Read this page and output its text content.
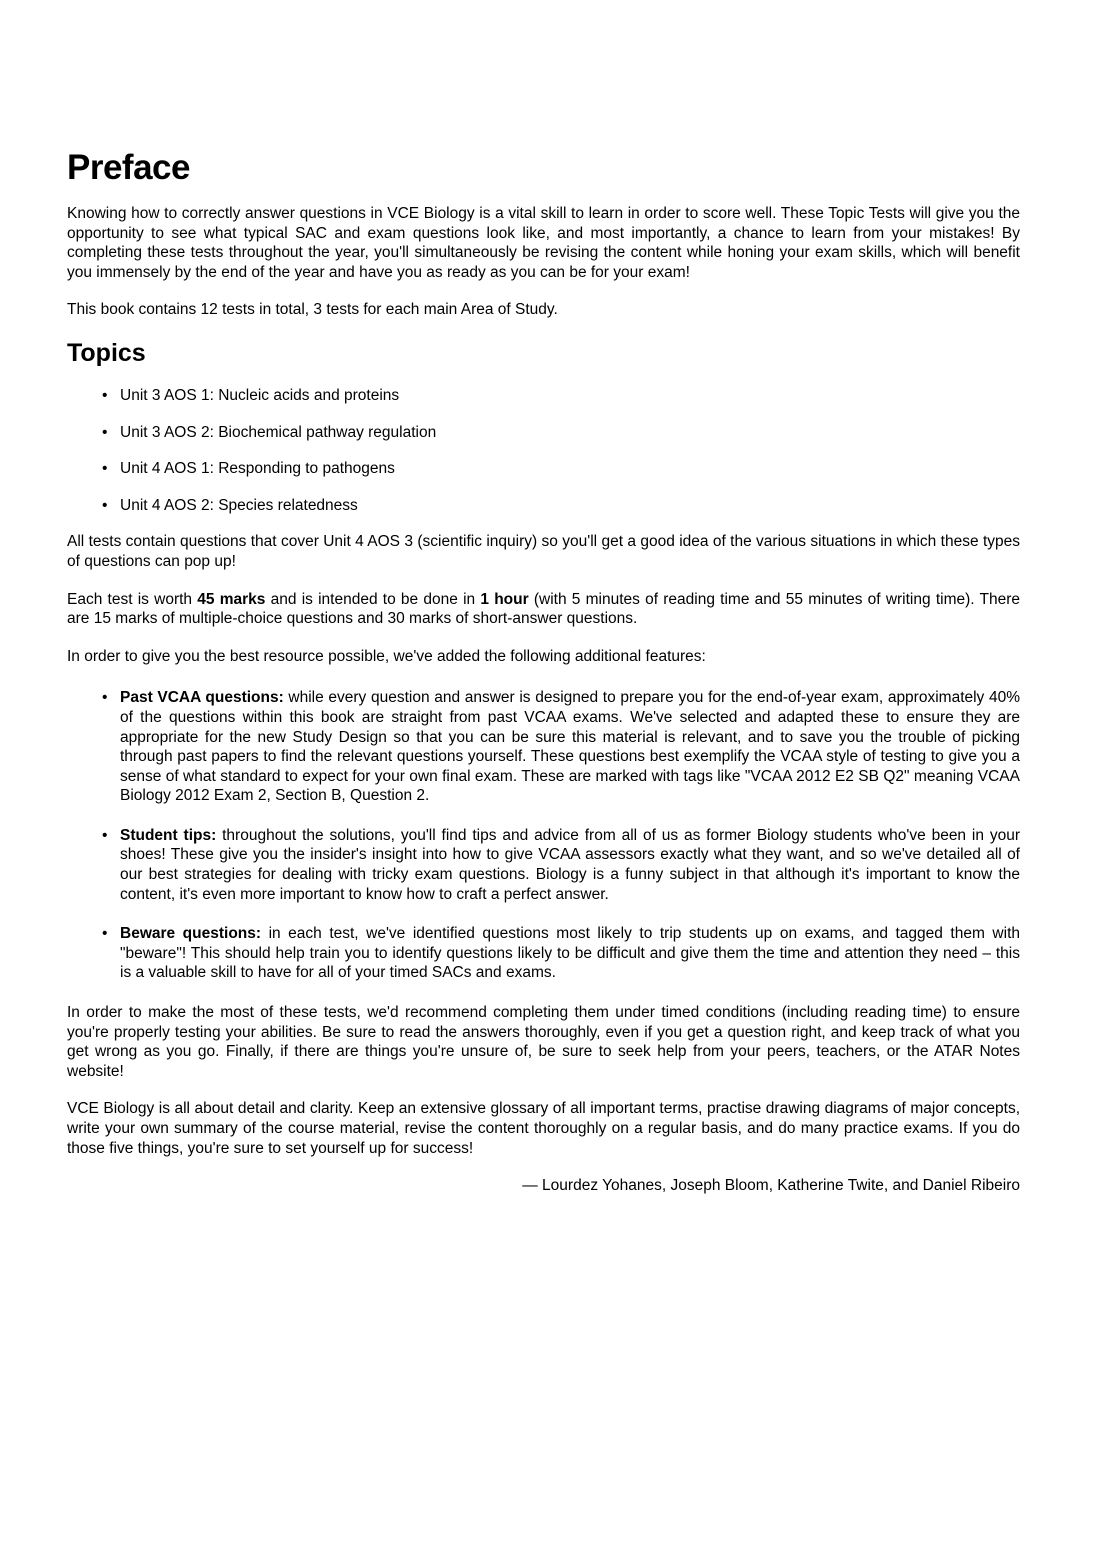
Preface

Knowing how to correctly answer questions in VCE Biology is a vital skill to learn in order to score well. These Topic Tests will give you the opportunity to see what typical SAC and exam questions look like, and most importantly, a chance to learn from your mistakes! By completing these tests throughout the year, you'll simultaneously be revising the content while honing your exam skills, which will benefit you immensely by the end of the year and have you as ready as you can be for your exam!

This book contains 12 tests in total, 3 tests for each main Area of Study.

Topics
• Unit 3 AOS 1: Nucleic acids and proteins
• Unit 3 AOS 2: Biochemical pathway regulation
• Unit 4 AOS 1: Responding to pathogens
• Unit 4 AOS 2: Species relatedness

All tests contain questions that cover Unit 4 AOS 3 (scientific inquiry) so you'll get a good idea of the various situations in which these types of questions can pop up!

Each test is worth 45 marks and is intended to be done in 1 hour (with 5 minutes of reading time and 55 minutes of writing time). There are 15 marks of multiple-choice questions and 30 marks of short-answer questions.

In order to give you the best resource possible, we've added the following additional features:

• Past VCAA questions: while every question and answer is designed to prepare you for the end-of-year exam, approximately 40% of the questions within this book are straight from past VCAA exams. We've selected and adapted these to ensure they are appropriate for the new Study Design so that you can be sure this material is relevant, and to save you the trouble of picking through past papers to find the relevant questions yourself. These questions best exemplify the VCAA style of testing to give you a sense of what standard to expect for your own final exam. These are marked with tags like "VCAA 2012 E2 SB Q2" meaning VCAA Biology 2012 Exam 2, Section B, Question 2.
• Student tips: throughout the solutions, you'll find tips and advice from all of us as former Biology students who've been in your shoes! These give you the insider's insight into how to give VCAA assessors exactly what they want, and so we've detailed all of our best strategies for dealing with tricky exam questions. Biology is a funny subject in that although it's important to know the content, it's even more important to know how to craft a perfect answer.
• Beware questions: in each test, we've identified questions most likely to trip students up on exams, and tagged them with "beware"! This should help train you to identify questions likely to be difficult and give them the time and attention they need – this is a valuable skill to have for all of your timed SACs and exams.

In order to make the most of these tests, we'd recommend completing them under timed conditions (including reading time) to ensure you're properly testing your abilities. Be sure to read the answers thoroughly, even if you get a question right, and keep track of what you get wrong as you go. Finally, if there are things you're unsure of, be sure to seek help from your peers, teachers, or the ATAR Notes website!

VCE Biology is all about detail and clarity. Keep an extensive glossary of all important terms, practise drawing diagrams of major concepts, write your own summary of the course material, revise the content thoroughly on a regular basis, and do many practice exams. If you do those five things, you're sure to set yourself up for success!

— Lourdez Yohanes, Joseph Bloom, Katherine Twite, and Daniel Ribeiro
